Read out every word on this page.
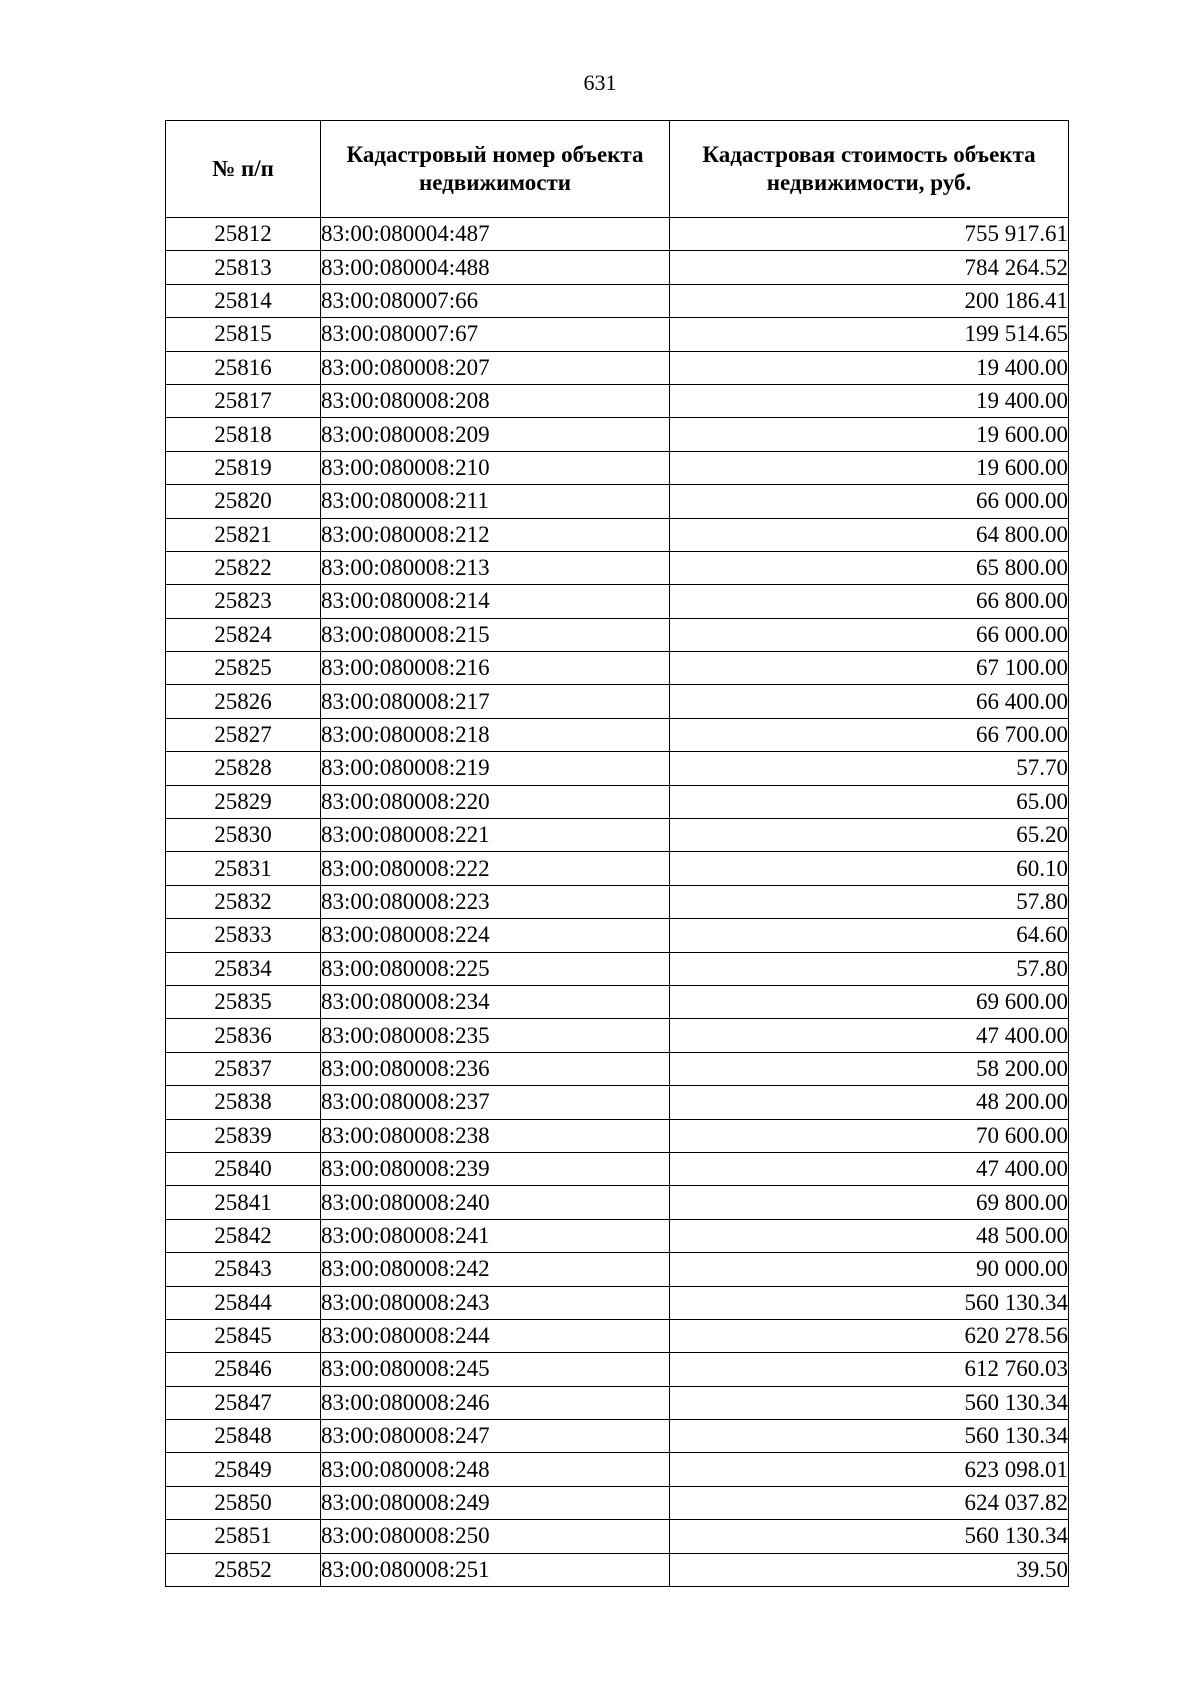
631
№ п/п	Кадастровый номер объекта недвижимости	Кадастровая стоимость объекта недвижимости, руб.
25812	83:00:080004:487	755 917.61
25813	83:00:080004:488	784 264.52
25814	83:00:080007:66	200 186.41
25815	83:00:080007:67	199 514.65
25816	83:00:080008:207	19 400.00
25817	83:00:080008:208	19 400.00
25818	83:00:080008:209	19 600.00
25819	83:00:080008:210	19 600.00
25820	83:00:080008:211	66 000.00
25821	83:00:080008:212	64 800.00
25822	83:00:080008:213	65 800.00
25823	83:00:080008:214	66 800.00
25824	83:00:080008:215	66 000.00
25825	83:00:080008:216	67 100.00
25826	83:00:080008:217	66 400.00
25827	83:00:080008:218	66 700.00
25828	83:00:080008:219	57.70
25829	83:00:080008:220	65.00
25830	83:00:080008:221	65.20
25831	83:00:080008:222	60.10
25832	83:00:080008:223	57.80
25833	83:00:080008:224	64.60
25834	83:00:080008:225	57.80
25835	83:00:080008:234	69 600.00
25836	83:00:080008:235	47 400.00
25837	83:00:080008:236	58 200.00
25838	83:00:080008:237	48 200.00
25839	83:00:080008:238	70 600.00
25840	83:00:080008:239	47 400.00
25841	83:00:080008:240	69 800.00
25842	83:00:080008:241	48 500.00
25843	83:00:080008:242	90 000.00
25844	83:00:080008:243	560 130.34
25845	83:00:080008:244	620 278.56
25846	83:00:080008:245	612 760.03
25847	83:00:080008:246	560 130.34
25848	83:00:080008:247	560 130.34
25849	83:00:080008:248	623 098.01
25850	83:00:080008:249	624 037.82
25851	83:00:080008:250	560 130.34
25852	83:00:080008:251	39.50
